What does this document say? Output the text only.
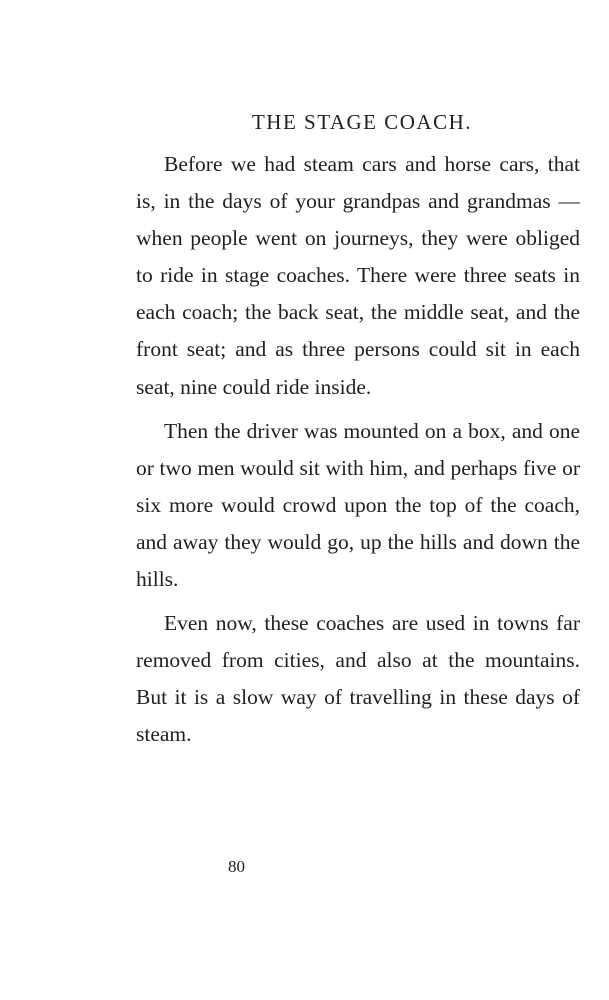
THE STAGE COACH.

Before we had steam cars and horse cars, that is, in the days of your grandpas and grandmas — when people went on journeys, they were obliged to ride in stage coaches. There were three seats in each coach; the back seat, the middle seat, and the front seat; and as three persons could sit in each seat, nine could ride inside.

Then the driver was mounted on a box, and one or two men would sit with him, and perhaps five or six more would crowd upon the top of the coach, and away they would go, up the hills and down the hills.

Even now, these coaches are used in towns far removed from cities, and also at the mountains. But it is a slow way of travelling in these days of steam.

80
